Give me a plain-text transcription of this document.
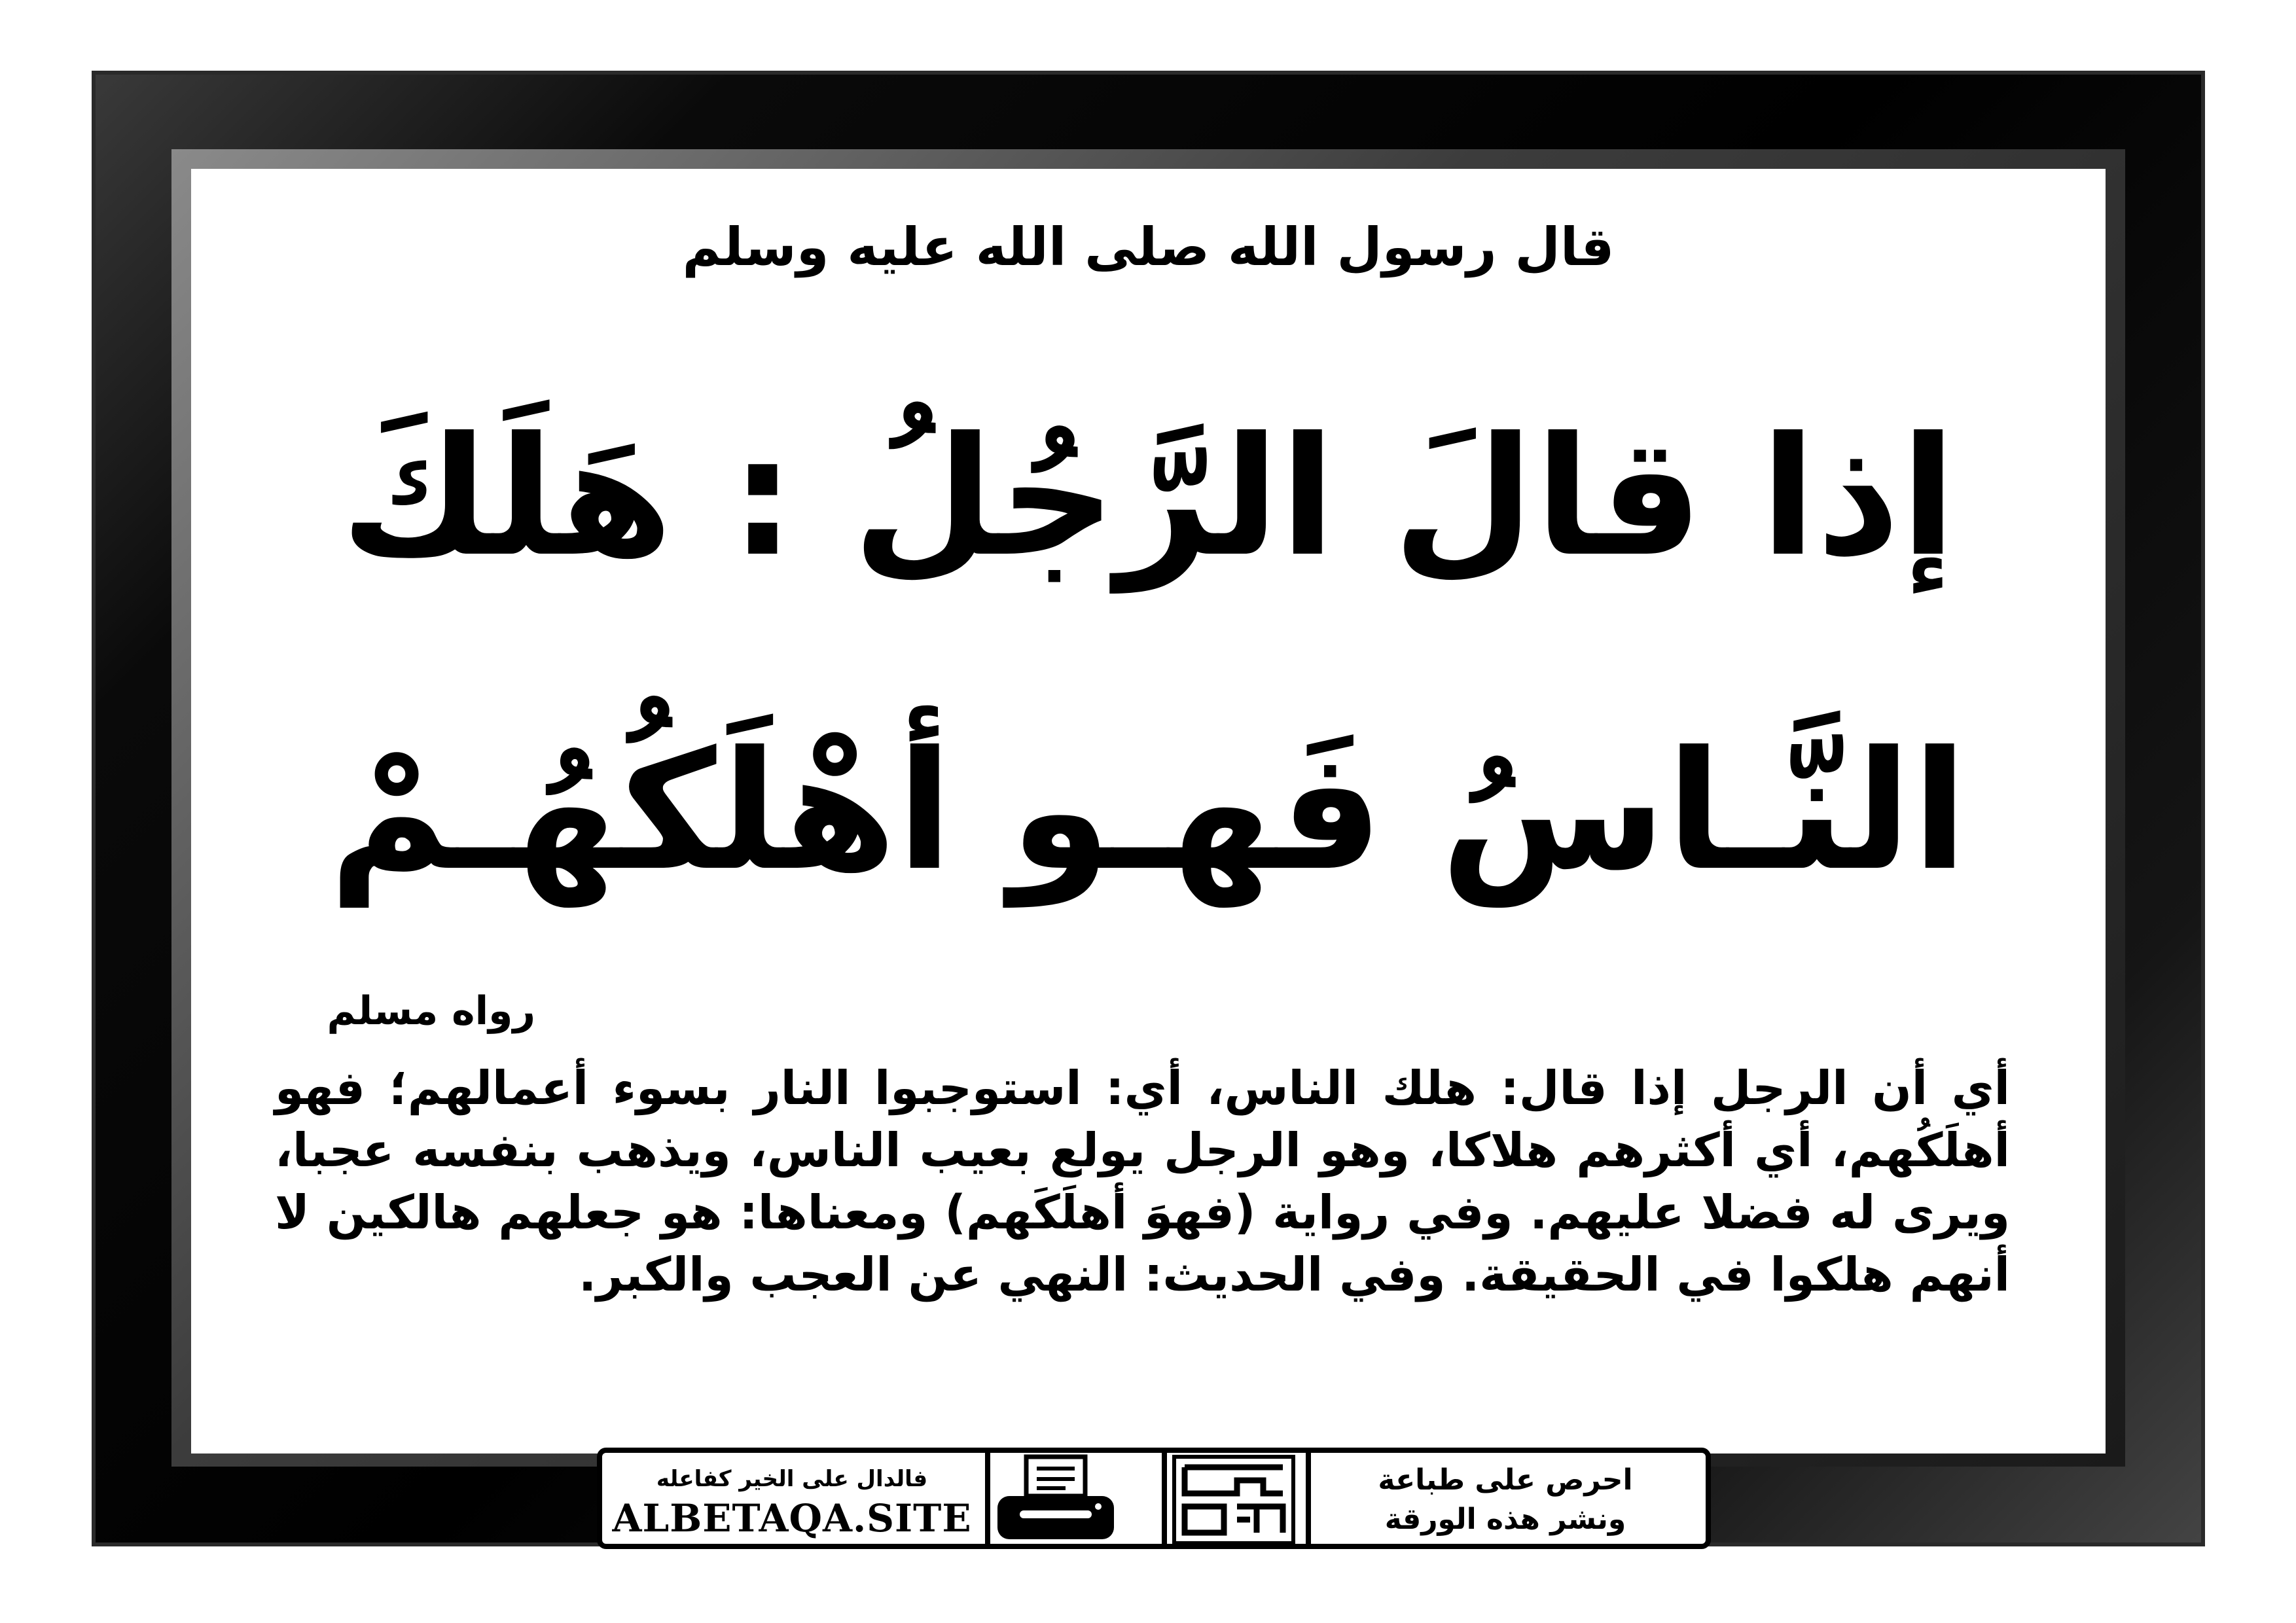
قال رسول الله صلى الله عليه وسلم
إذا قالَ الرَّجُلُ : هَلَكَ
النَّـاسُ فَهـو أهْلَكُهُـمْ
رواه مسلم
أي أن الرجل إذا قال: هلك الناس، أي: استوجبوا النار بسوء أعمالهم؛ فهو أهلَكُهم، أي أكثرهم هلاكا، وهو الرجل يولع بعيب الناس، ويذهب بنفسه عجبا، ويرى له فضلا عليهم. وفي رواية (فهوَ أهلَكَهم) ومعناها: هو جعلهم هالكين لا أنهم هلكوا في الحقيقة. وفي الحديث: النهي عن العجب والكبر.
فالدال على الخير كفاعله
ALBETAQA.SITE
احرص على طباعة
ونشر هذه الورقة
